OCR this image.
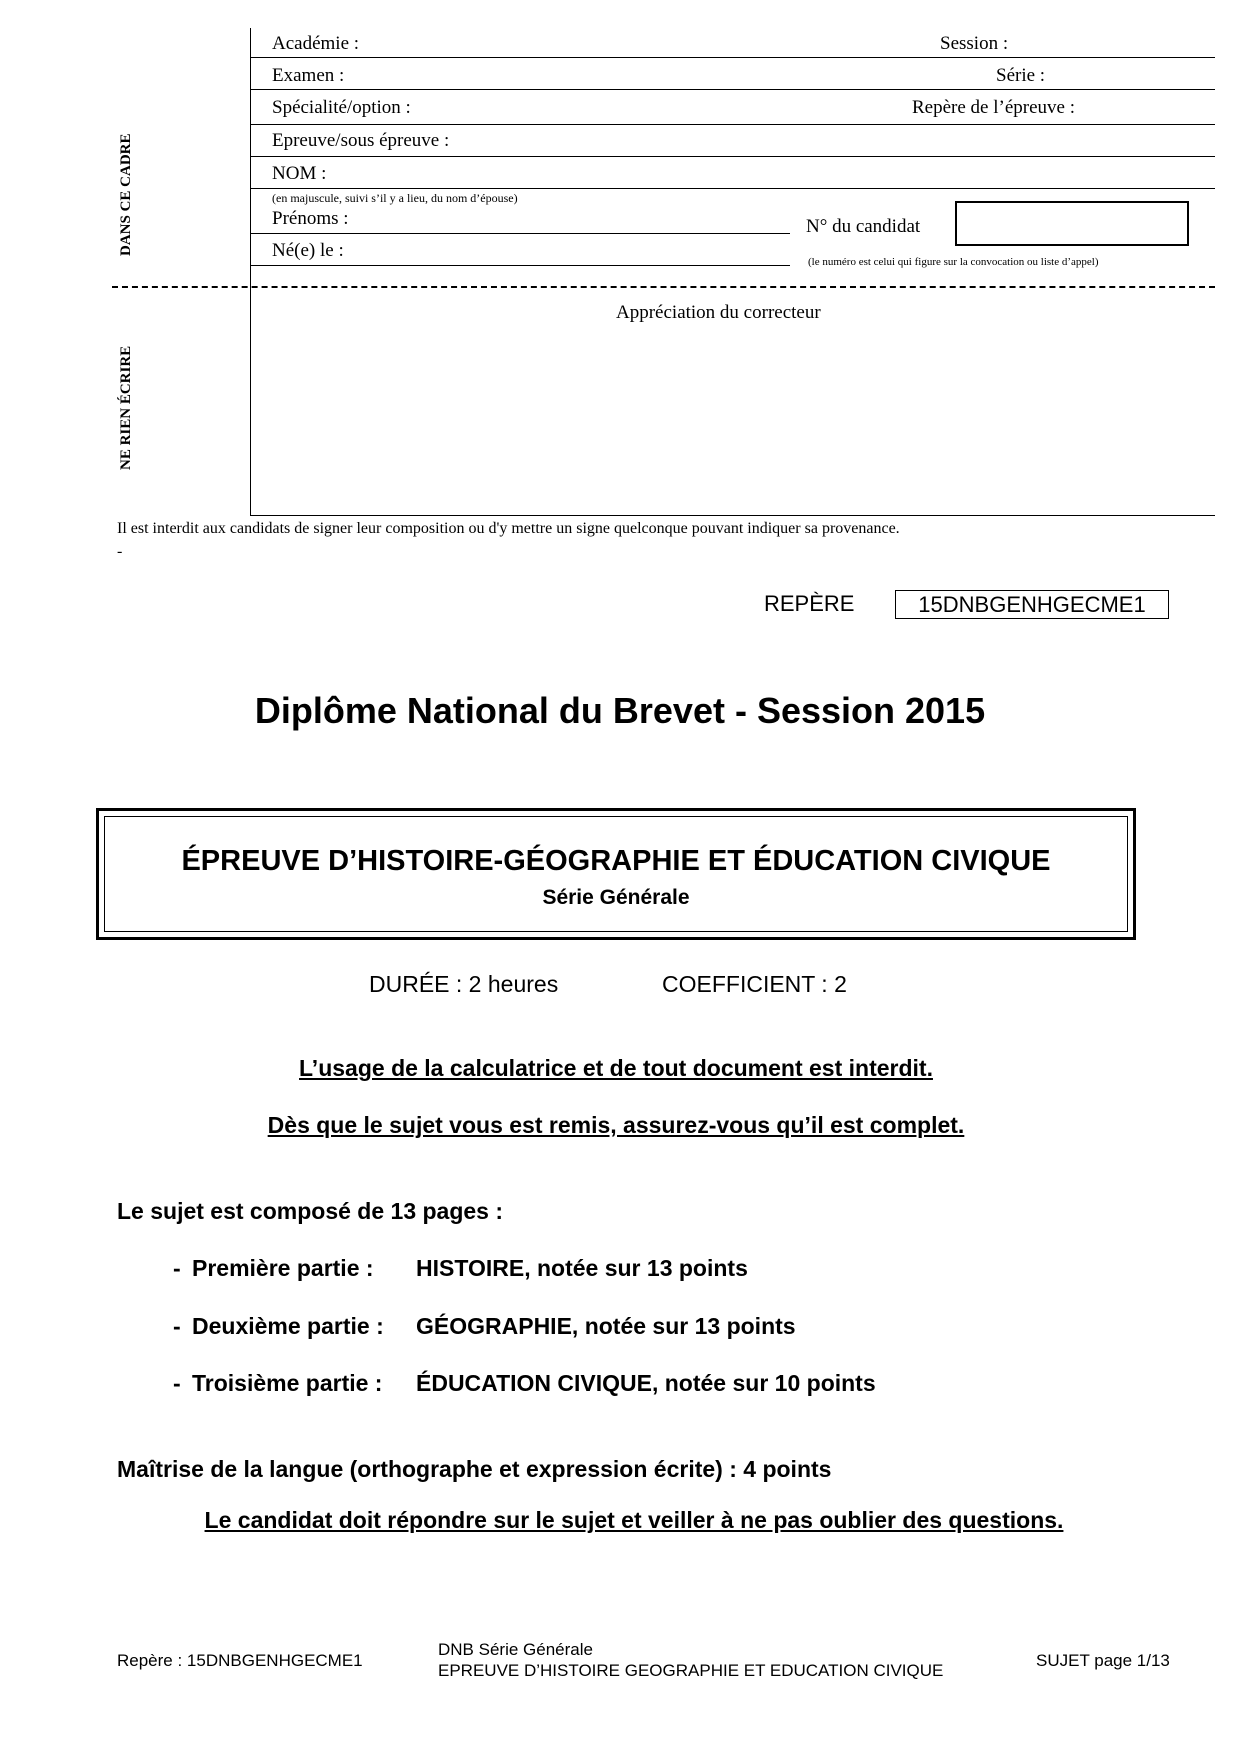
DANS CE CADRE
NE RIEN ÉCRIRE
Académie :	Session :
Examen :	Série :
Spécialité/option :	Repère de l’épreuve :
Epreuve/sous épreuve :
NOM :
(en majuscule, suivi s’il y a lieu, du nom d’épouse)
Prénoms :	N° du candidat
Né(e) le :
(le numéro est celui qui figure sur la convocation ou liste d’appel)
Appréciation du correcteur
Il est interdit aux candidats de signer leur composition ou d'y mettre un signe quelconque pouvant indiquer sa provenance.
-
REPÈRE	15DNBGENHGECME1
Diplôme National du Brevet - Session 2015
ÉPREUVE D’HISTOIRE-GÉOGRAPHIE ET ÉDUCATION CIVIQUE
Série Générale
DURÉE : 2 heures	COEFFICIENT : 2
L’usage de la calculatrice et de tout document est interdit.
Dès que le sujet vous est remis, assurez-vous qu’il est complet.
Le sujet est composé de 13 pages :
- Première partie : HISTOIRE, notée sur 13 points
- Deuxième partie : GÉOGRAPHIE, notée sur 13 points
- Troisième partie : ÉDUCATION CIVIQUE, notée sur 10 points
Maîtrise de la langue (orthographe et expression écrite) : 4 points
Le candidat doit répondre sur le sujet et veiller à ne pas oublier des questions.
Repère : 15DNBGENHGECME1
DNB Série Générale
EPREUVE D’HISTOIRE GEOGRAPHIE ET EDUCATION CIVIQUE
SUJET page 1/13
